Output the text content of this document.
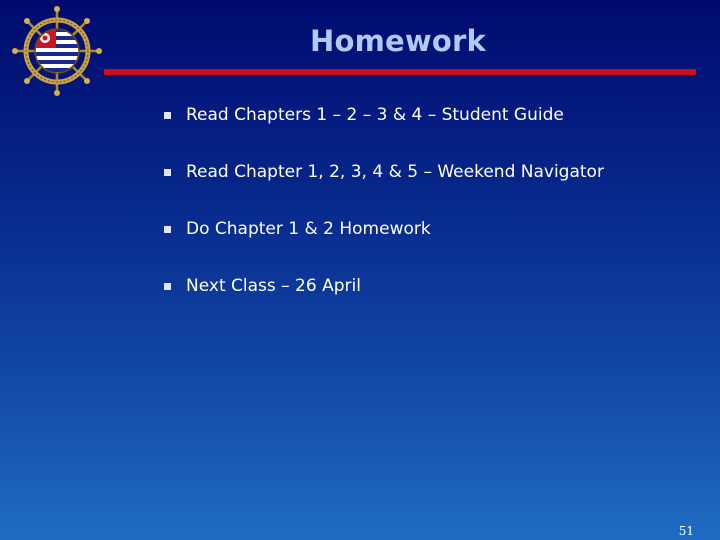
Homework
Read Chapters 1 – 2 – 3 & 4 – Student Guide
Read Chapter 1, 2, 3, 4 & 5 – Weekend Navigator
Do Chapter 1 & 2 Homework
Next Class – 26 April
51
